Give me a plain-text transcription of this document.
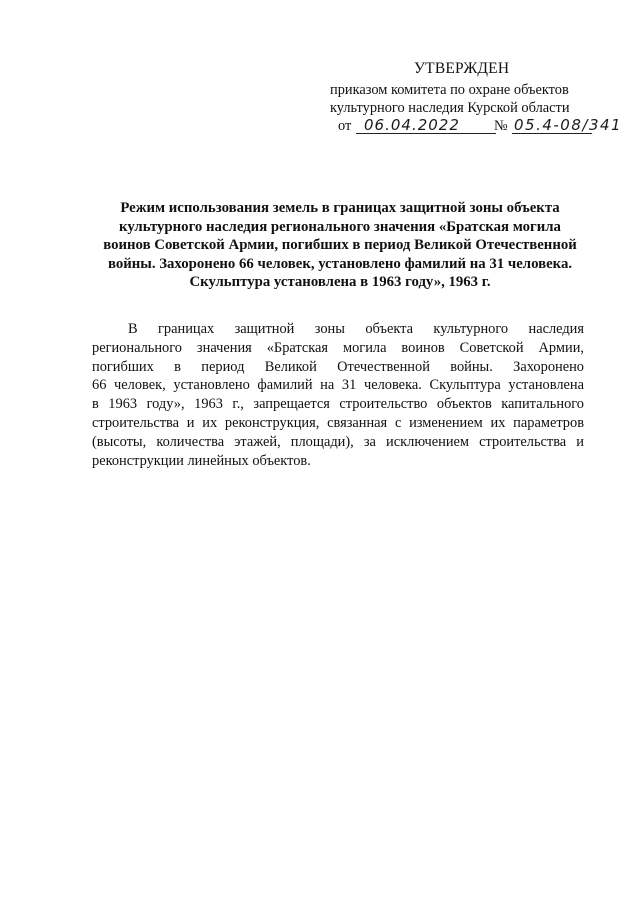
УТВЕРЖДЕН
приказом комитета по охране объектов
культурного наследия Курской области
от 06.04.2022 № 05.4-08/341
Режим использования земель в границах защитной зоны объекта
культурного наследия регионального значения «Братская могила
воинов Советской Армии, погибших в период Великой Отечественной
войны. Захоронено 66 человек, установлено фамилий на 31 человека.
Скульптура установлена в 1963 году», 1963 г.
В границах защитной зоны объекта культурного наследия
регионального значения «Братская могила воинов Советской Армии,
погибших в период Великой Отечественной войны. Захоронено
66 человек, установлено фамилий на 31 человека. Скульптура установлена
в 1963 году», 1963 г., запрещается строительство объектов капитального
строительства и их реконструкция, связанная с изменением их параметров
(высоты, количества этажей, площади), за исключением строительства и
реконструкции линейных объектов.
